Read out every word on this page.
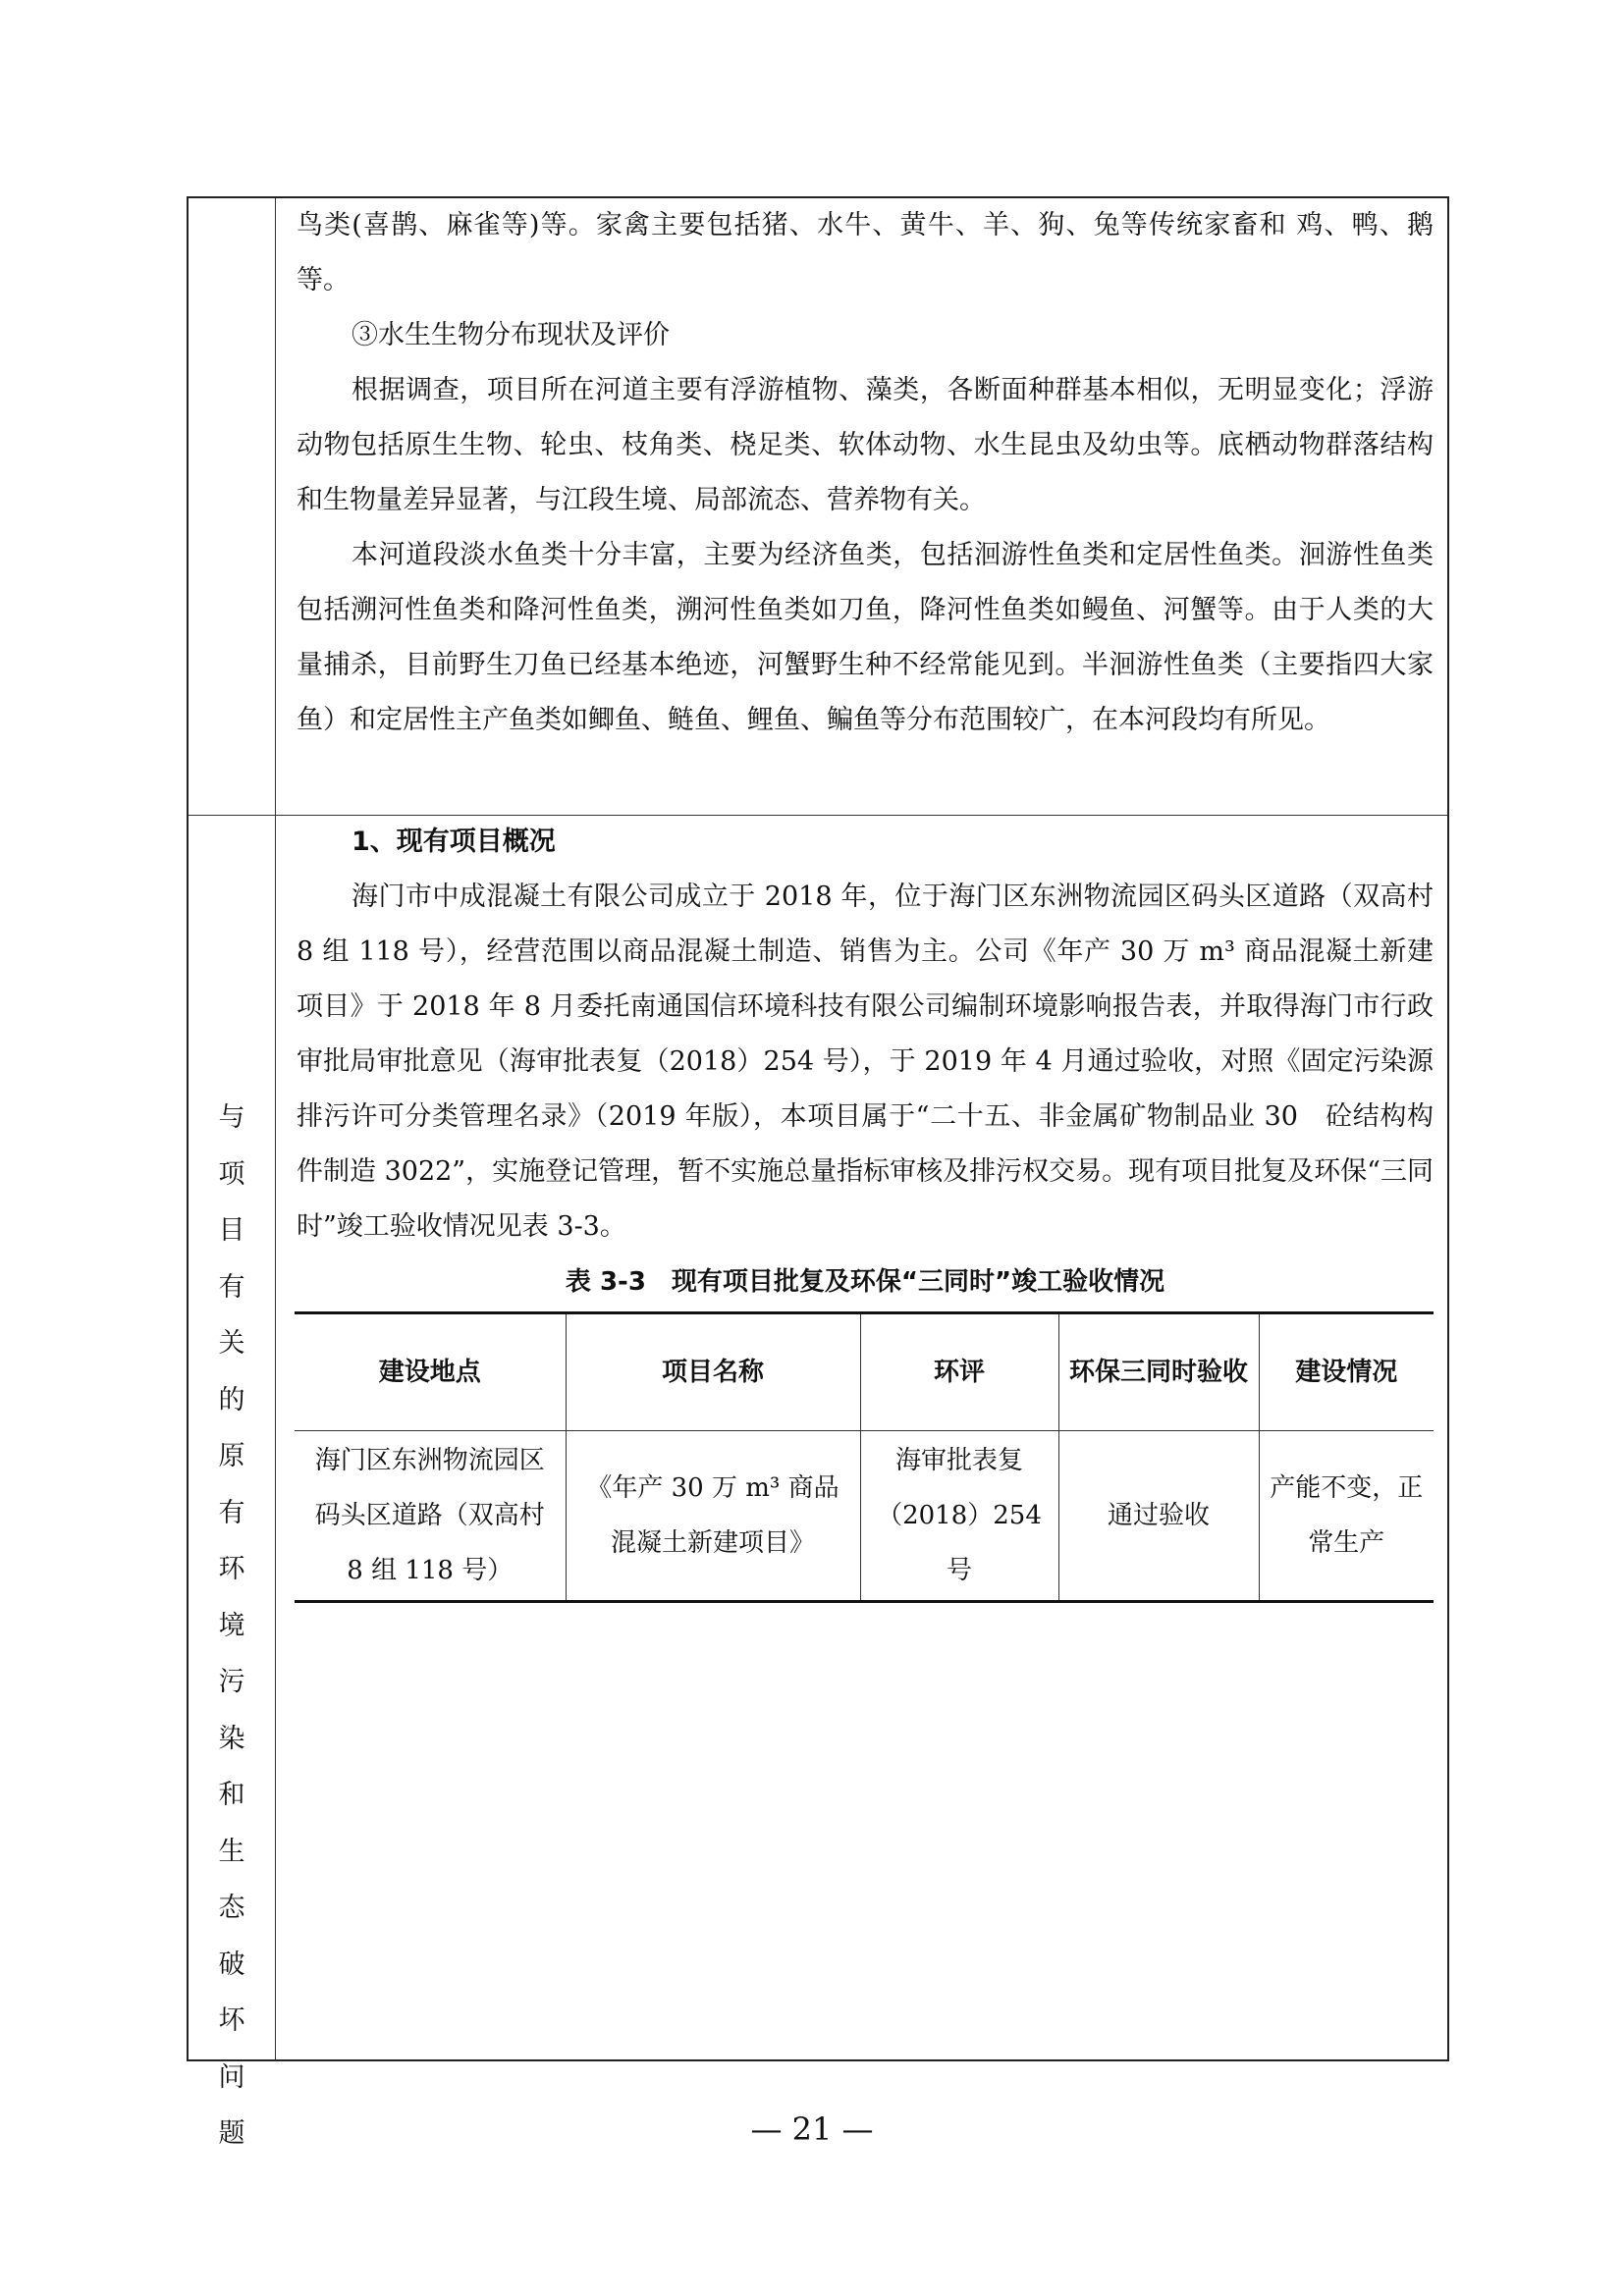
鸟类(喜鹊、麻雀等)等。家禽主要包括猪、水牛、黄牛、羊、狗、兔等传统家畜和 鸡、鸭、鹅等。

③水生生物分布现状及评价

根据调查，项目所在河道主要有浮游植物、藻类，各断面种群基本相似，无明显变化；浮游动物包括原生生物、轮虫、枝角类、桡足类、软体动物、水生昆虫及幼虫等。底栖动物群落结构和生物量差异显著，与江段生境、局部流态、营养物有关。

本河道段淡水鱼类十分丰富，主要为经济鱼类，包括洄游性鱼类和定居性鱼类。洄游性鱼类包括溯河性鱼类和降河性鱼类，溯河性鱼类如刀鱼，降河性鱼类如鳗鱼、河蟹等。由于人类的大量捕杀，目前野生刀鱼已经基本绝迹，河蟹野生种不经常能见到。半洄游性鱼类（主要指四大家鱼）和定居性主产鱼类如鲫鱼、鲢鱼、鲤鱼、鳊鱼等分布范围较广，在本河段均有所见。

与
项
目
有
关
的
原
有
环
境
污
染
和
生
态
破
坏
问
题

1、现有项目概况

海门市中成混凝土有限公司成立于 2018 年，位于海门区东洲物流园区码头区道路（双高村 8 组 118 号），经营范围以商品混凝土制造、销售为主。公司《年产 30 万 m³ 商品混凝土新建项目》于 2018 年 8 月委托南通国信环境科技有限公司编制环境影响报告表，并取得海门市行政审批局审批意见（海审批表复（2018）254 号），于 2019 年 4 月通过验收，对照《固定污染源排污许可分类管理名录》（2019 年版），本项目属于“二十五、非金属矿物制品业 30　砼结构构件制造 3022”，实施登记管理，暂不实施总量指标审核及排污权交易。现有项目批复及环保“三同时”竣工验收情况见表 3-3。

表 3-3　现有项目批复及环保“三同时”竣工验收情况

建设地点	项目名称	环评	环保三同时验收	建设情况
海门区东洲物流园区码头区道路（双高村 8 组 118 号）	《年产 30 万 m³ 商品混凝土新建项目》	海审批表复（2018）254 号	通过验收	产能不变，正常生产
— 21 —
